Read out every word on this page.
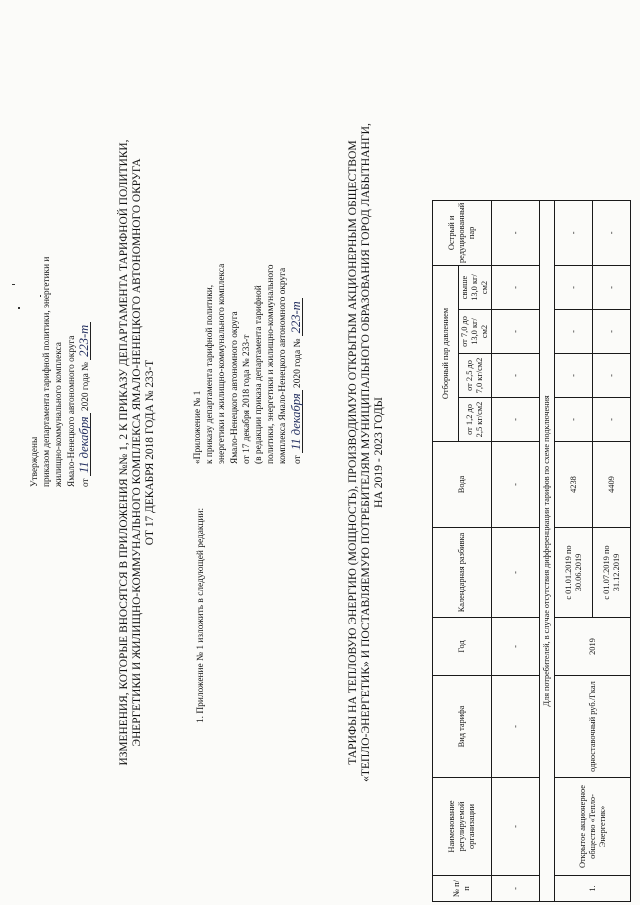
Утверждены приказом департамента тарифной политики, энергетики и жилищно-коммунального комплекса Ямало-Ненецкого автономного округа от 11 декабря 2020 года № 223-т ИЗМЕНЕНИЯ, КОТОРЫЕ ВНОСЯТСЯ В ПРИЛОЖЕНИЯ №№ 1, 2 К ПРИКАЗУ ДЕПАРТАМЕНТА ТАРИФНОЙ ПОЛИТИКИ, ЭНЕРГЕТИКИ И ЖИЛИЩНО-КОММУНАЛЬНОГО КОМПЛЕКСА ЯМАЛО-НЕНЕЦКОГО АВТОНОМНОГО ОКРУГА ОТ 17 ДЕКАБРЯ 2018 ГОДА № 233-Т
1. Приложение № 1 изложить в следующей редакции:
«Приложение № 1 к приказу департамента тарифной политики, энергетики и жилищно-коммунального комплекса Ямало-Ненецкого автономного округа от 17 декабря 2018 года № 233-т (в редакции приказа департамента тарифной политики, энергетики и жилищно-коммунального комплекса Ямало-Ненецкого автономного округа от 11 декабря 2020 года № 223-т	ТАРИФЫ НА ТЕПЛОВУЮ ЭНЕРГИЮ (МОЩНОСТЬ), ПРОИЗВОДИМУЮ ОТКРЫТЫМ АКЦИОНЕРНЫМ ОБЩЕСТВОМ «ТЕПЛО-ЭНЕРГЕТИК» И ПОСТАВЛЯЕМУЮ ПОТРЕБИТЕЛЯМ МУНИЦИПАЛЬНОГО ОБРАЗОВАНИЯ ГОРОД ЛАБЫТНАНГИ, НА 2019 - 2023 ГОДЫ
№ п/п	Наименование регулируемой организации	Вид тарифа	Год	Календарная разбивка	Вода	Отборный пар давлением				Острый и редуцированный пар
						от 1,2 до 2,5 кг/см2	от 2,5 до 7,0 кг/см2	от 7,0 до 13,0 кг/см2	свыше 13,0 кг/см2	
-	-	-	-	-	-	-	-	-	-	-
Для потребителей, в случае отсутствия дифференциации тарифов по схеме подключения										
1.	Открытое акционерное общество «Тепло-Энергетик»	одноставочный руб./Гкал	2019	с 01.01.2019 по 30.06.2019	4238	-	-	-	-	-
				с 01.07.2019 по 31.12.2019	4409	-	-	-	-	-
